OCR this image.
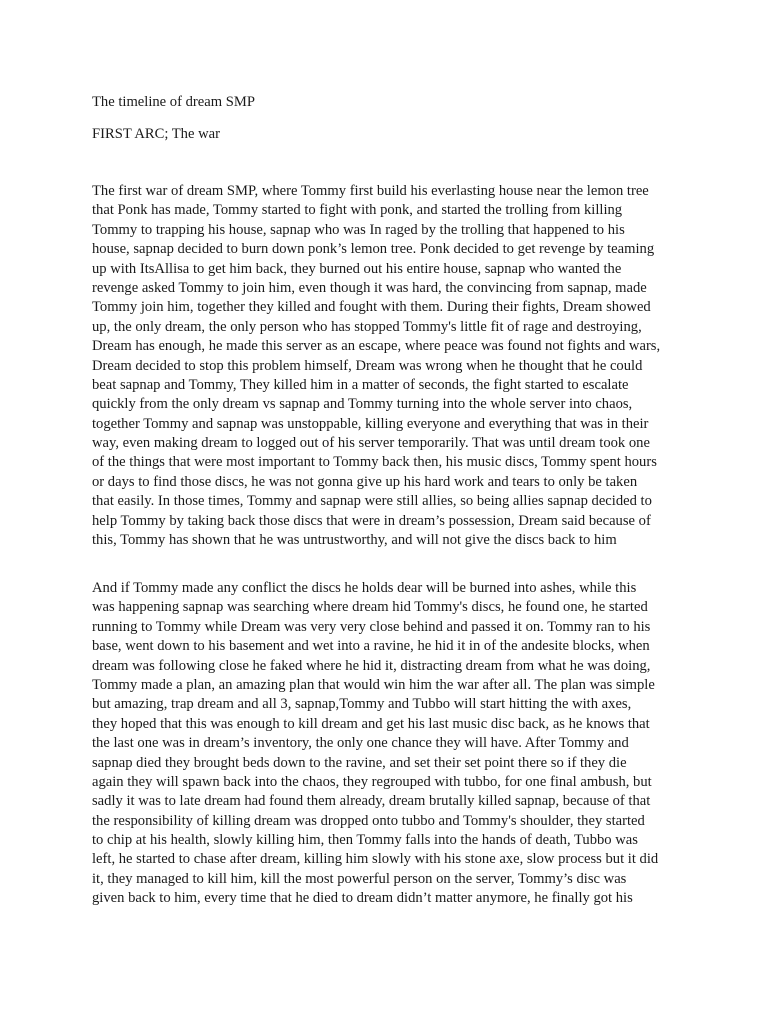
The timeline of dream SMP
FIRST ARC; The war

The first war of dream SMP, where Tommy first build his everlasting house near the lemon tree
that Ponk has made, Tommy started to fight with ponk, and started the trolling from killing
Tommy to trapping his house, sapnap who was In raged by the trolling that happened to his
house, sapnap decided to burn down ponk’s lemon tree. Ponk decided to get revenge by teaming
up with ItsAllisa to get him back, they burned out his entire house, sapnap who wanted the
revenge asked Tommy to join him, even though it was hard, the convincing from sapnap, made
Tommy join him, together they killed and fought with them. During their fights, Dream showed
up, the only dream, the only person who has stopped Tommy's little fit of rage and destroying,
Dream has enough, he made this server as an escape, where peace was found not fights and wars,
Dream decided to stop this problem himself, Dream was wrong when he thought that he could
beat sapnap and Tommy, They killed him in a matter of seconds, the fight started to escalate
quickly from the only dream vs sapnap and Tommy turning into the whole server into chaos,
together Tommy and sapnap was unstoppable, killing everyone and everything that was in their
way, even making dream to logged out of his server temporarily. That was until dream took one
of the things that were most important to Tommy back then, his music discs, Tommy spent hours
or days to find those discs, he was not gonna give up his hard work and tears to only be taken
that easily. In those times, Tommy and sapnap were still allies, so being allies sapnap decided to
help Tommy by taking back those discs that were in dream’s possession, Dream said because of
this, Tommy has shown that he was untrustworthy, and will not give the discs back to him

And if Tommy made any conflict the discs he holds dear will be burned into ashes, while this
was happening sapnap was searching where dream hid Tommy's discs, he found one, he started
running to Tommy while Dream was very very close behind and passed it on. Tommy ran to his
base, went down to his basement and wet into a ravine, he hid it in of the andesite blocks, when
dream was following close he faked where he hid it, distracting dream from what he was doing,
Tommy made a plan, an amazing plan that would win him the war after all. The plan was simple
but amazing, trap dream and all 3, sapnap,Tommy and Tubbo will start hitting the with axes,
they hoped that this was enough to kill dream and get his last music disc back, as he knows that
the last one was in dream’s inventory, the only one chance they will have. After Tommy and
sapnap died they brought beds down to the ravine, and set their set point there so if they die
again they will spawn back into the chaos, they regrouped with tubbo, for one final ambush, but
sadly it was to late dream had found them already, dream brutally killed sapnap, because of that
the responsibility of killing dream was dropped onto tubbo and Tommy's shoulder, they started
to chip at his health, slowly killing him, then Tommy falls into the hands of death, Tubbo was
left, he started to chase after dream, killing him slowly with his stone axe, slow process but it did
it, they managed to kill him, kill the most powerful person on the server, Tommy’s disc was
given back to him, every time that he died to dream didn’t matter anymore, he finally got his
